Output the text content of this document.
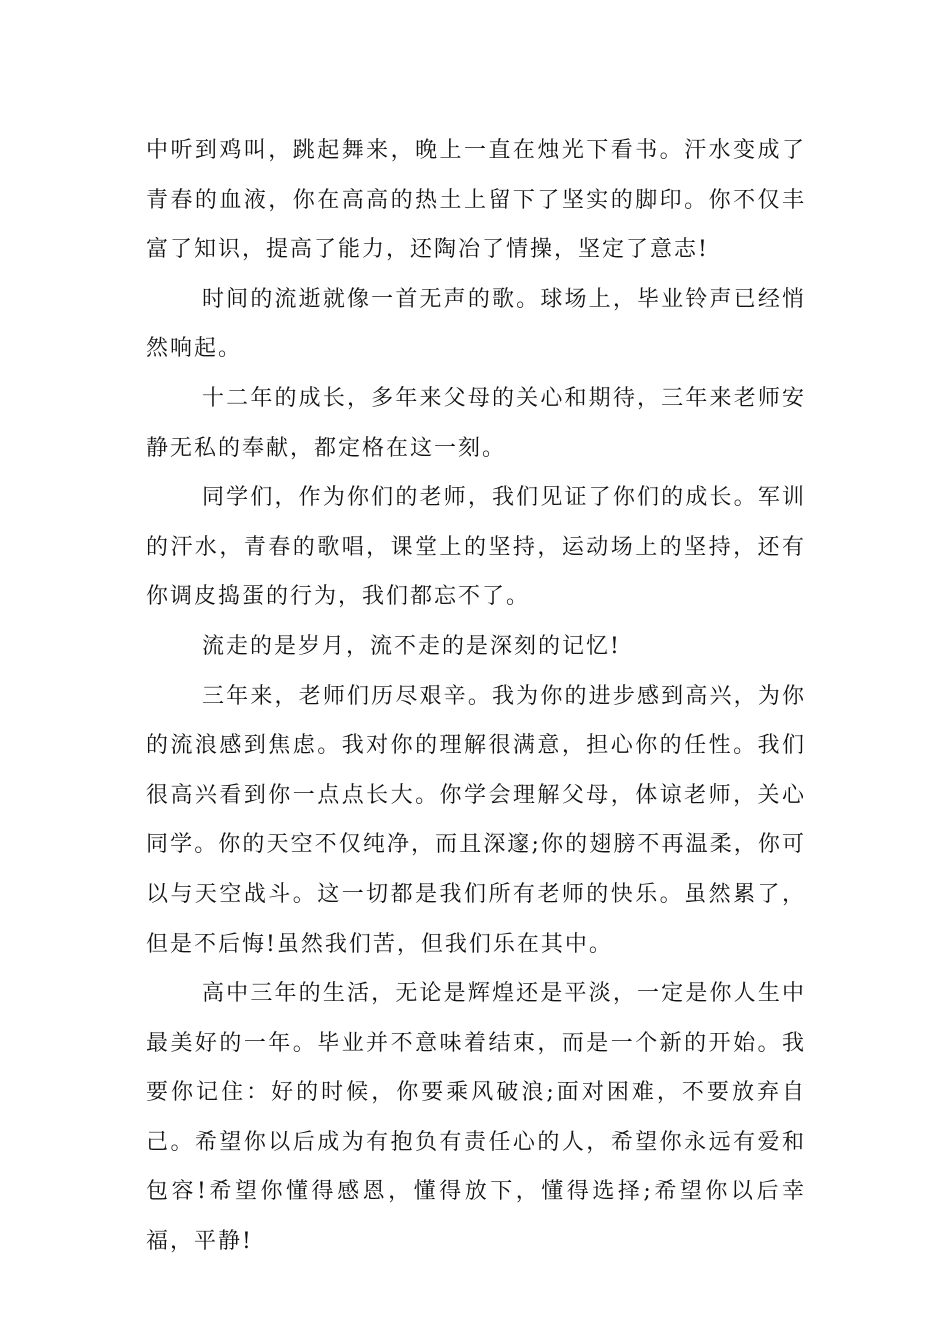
中听到鸡叫，跳起舞来，晚上一直在烛光下看书。汗水变成了青春的血液，你在高高的热土上留下了坚实的脚印。你不仅丰富了知识，提高了能力，还陶冶了情操，坚定了意志!

时间的流逝就像一首无声的歌。球场上，毕业铃声已经悄然响起。

十二年的成长，多年来父母的关心和期待，三年来老师安静无私的奉献，都定格在这一刻。

同学们，作为你们的老师，我们见证了你们的成长。军训的汗水，青春的歌唱，课堂上的坚持，运动场上的坚持，还有你调皮捣蛋的行为，我们都忘不了。

流走的是岁月，流不走的是深刻的记忆!

三年来，老师们历尽艰辛。我为你的进步感到高兴，为你的流浪感到焦虑。我对你的理解很满意，担心你的任性。我们很高兴看到你一点点长大。你学会理解父母，体谅老师，关心同学。你的天空不仅纯净，而且深邃;你的翅膀不再温柔，你可以与天空战斗。这一切都是我们所有老师的快乐。虽然累了，但是不后悔!虽然我们苦，但我们乐在其中。

高中三年的生活，无论是辉煌还是平淡，一定是你人生中最美好的一年。毕业并不意味着结束，而是一个新的开始。我要你记住：好的时候，你要乘风破浪;面对困难，不要放弃自己。希望你以后成为有抱负有责任心的人，希望你永远有爱和包容!希望你懂得感恩，懂得放下，懂得选择;希望你以后幸福，平静!
